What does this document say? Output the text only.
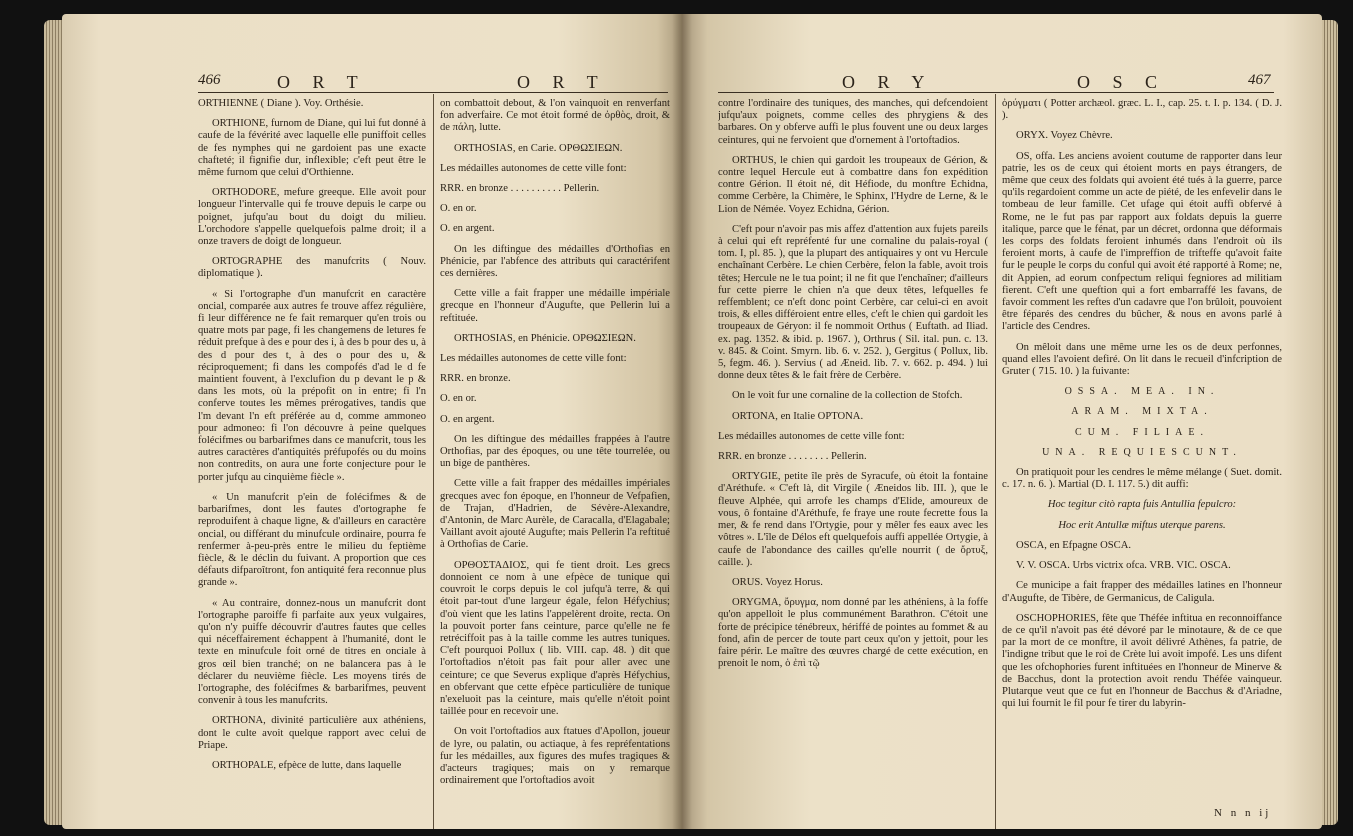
466	O R T	O R T

ORTHIENNE ( Diane ). Voy. Orthésie.

ORTHIONE, furnom de Diane, qui lui fut donné à caufe de la févérité avec laquelle elle puniffoit celles de fes nymphes qui ne gardoient pas une exacte chafteté; il fignifie dur, inflexible; c'eft peut être le même furnom que celui d'Orthienne.

ORTHODORE, mefure greeque. Elle avoit pour longueur l'intervalle qui fe trouve depuis le carpe ou poignet, jufqu'au bout du doigt du milieu. L'orchodore s'appelle quelquefois palme droit; il a onze travers de doigt de longueur.

ORTOGRAPHE des manufcrits ( Nouv. diplomatique ).

« Si l'ortographe d'un manufcrit en caractère oncial, comparée aux autres fe trouve affez régulière, fi leur différence ne fe fait remarquer qu'en trois ou quatre mots par page, fi les changemens de letures fe réduit prefque à des e pour des i, à des b pour des u, à des d pour des t, à des o pour des u, & réciproquement; fi dans les compofés d'ad le d fe maintient fouvent, à l'exclufion du p devant le p & dans les mots, où la prépofit on in entre; fi l'n conferve toutes les mêmes prérogatives, tandis que l'm devant l'n eft préférée au d, comme ammoneo pour admoneo: fi l'on découvre à peine quelques folécifmes ou barbarifmes dans ce manufcrit, tous les autres caractères d'antiquités préfupofés ou du moins non contredits, on aura une forte conjecture pour le porter jufqu au cinquième fiècle ».

« Un manufcrit p'ein de folécifmes & de barbarifmes, dont les fautes d'ortographe fe reproduifent à chaque ligne, & d'ailleurs en caractère oncial, ou différant du minufcule ordinaire, pourra fe renfermer à-peu-près entre le milieu du feptième fiècle, & le déclin du fuivant. A proportion que ces défauts difparoîtront, fon antiquité fera reconnue plus grande ».

« Au contraire, donnez-nous un manufcrit dont l'ortographe paroiffe fi parfaite aux yeux vulgaires, qu'on n'y puiffe découvrir d'autres fautes que celles qui néceffairement échappent à l'humanité, dont le texte en minufcule foit orné de titres en onciale à gros œil bien tranché; on ne balancera pas à le déclarer du neuvième fiècle. Les moyens tirés de l'ortographe, des folécifmes & barbarifmes, peuvent convenir à tous les manufcrits.

ORTHONA, divinité particulière aux athéniens, dont le culte avoit quelque rapport avec celui de Priape.

ORTHOPALE, efpèce de lutte, dans laquelle

on combattoit debout, & l'on vainquoit en renverfant fon adverfaire. Ce mot étoit formé de ὀρθὸς, droit, & de πάλη, lutte.

ORTHOSIAS, en Carie. ΟΡΘΩΣΙΕΩΝ.

Les médailles autonomes de cette ville font:

RRR. en bronze . . . . . . . . . . Pellerin.

O. en or.

O. en argent.

On les diftingue des médailles d'Orthofias en Phénicie, par l'abfence des attributs qui caractérifent ces dernières.

Cette ville a fait frapper une médaille impériale grecque en l'honneur d'Augufte, que Pellerin lui a reftituée.

ORTHOSIAS, en Phénicie. ΟΡΘΩΣΙΕΩΝ.

Les médailles autonomes de cette ville font:

RRR. en bronze.

O. en or.

O. en argent.

On les diftingue des médailles frappées à l'autre Orthofias, par des époques, ou une tête tourrelée, ou un bige de panthères.

Cette ville a fait frapper des médailles impériales grecques avec fon époque, en l'honneur de Vefpafien, de Trajan, d'Hadrien, de Sévère-Alexandre, d'Antonin, de Marc Aurèle, de Caracalla, d'Elagabale; Vaillant avoit ajouté Augufte; mais Pellerin l'a reftitué à Orthofias de Carie.

ΟΡΘΟΣΤΑΔΙΟΣ, qui fe tient droit. Les grecs donnoient ce nom à une efpèce de tunique qui couvroit le corps depuis le col jufqu'à terre, & qui étoit par-tout d'une largeur égale, felon Héfychius; d'où vient que les latins l'appelèrent droite, recta. On la pouvoit porter fans ceinture, parce qu'elle ne fe retréciffoit pas à la taille comme les autres tuniques. C'eft pourquoi Pollux ( lib. VIII. cap. 48. ) dit que l'ortoftadios n'étoit pas fait pour aller avec une ceinture; ce que Severus explique d'après Héfychius, en obfervant que cette efpèce particulière de tunique n'exeluoit pas la ceinture, mais qu'elle n'étoit point taillée pour en recevoir une.

On voit l'ortoftadios aux ftatues d'Apollon, joueur de lyre, ou palatin, ou actiaque, à fes repréfentations fur les médailles, aux figures des mufes tragiques & d'acteurs tragiques; mais on y remarque ordinairement que l'ortoftadios avoit

O R Y	O S C	467

contre l'ordinaire des tuniques, des manches, qui defcendoient jufqu'aux poignets, comme celles des phrygiens & des barbares. On y obferve auffi le plus fouvent une ou deux larges ceintures, qui ne fervoient que d'ornement à l'ortoftadios.

ORTHUS, le chien qui gardoit les troupeaux de Gérion, & contre lequel Hercule eut à combattre dans fon expédition contre Gérion. Il étoit né, dit Héfiode, du monftre Echidna, comme Cerbère, la Chimère, le Sphinx, l'Hydre de Lerne, & le Lion de Némée. Voyez Echidna, Gérion.

C'eft pour n'avoir pas mis affez d'attention aux fujets pareils à celui qui eft repréfenté fur une cornaline du palais-royal ( tom. I, pl. 85. ), que la plupart des antiquaires y ont vu Hercule enchaînant Cerbère. Le chien Cerbère, felon la fable, avoit trois têtes; Hercule ne le tua point; il ne fit que l'enchaîner; d'ailleurs fur cette pierre le chien n'a que deux têtes, lefquelles fe reffemblent; ce n'eft donc point Cerbère, car celui-ci en avoit trois, & elles différoient entre elles, c'eft le chien qui gardoit les troupeaux de Géryon: il fe nommoit Orthus ( Euftath. ad Iliad. ex. pag. 1352. & ibid. p. 1967. ), Orthrus ( Sil. ital. pun. c. 13. v. 845. & Coint. Smyrn. lib. 6. v. 252. ), Gergitus ( Pollux, lib. 5, fegm. 46. ). Servius ( ad Æneid. lib. 7. v. 662. p. 494. ) lui donne deux têtes & le fait frère de Cerbère.

On le voit fur une cornaline de la collection de Stofch.

ORTONA, en Italie OPTONA.

Les médailles autonomes de cette ville font:

RRR. en bronze . . . . . . . . Pellerin.

ORTYGIE, petite île près de Syracufe, où étoit la fontaine d'Aréthufe. « C'eft là, dit Virgile ( Æneidos lib. III. ), que le fleuve Alphée, qui arrofe les champs d'Elide, amoureux de vous, ô fontaine d'Aréthufe, fe fraye une route fecrette fous la mer, & fe rend dans l'Ortygie, pour y mêler fes eaux avec les vôtres ». L'île de Délos eft quelquefois auffi appellée Ortygie, à caufe de l'abondance des cailles qu'elle nourrit ( de ὄρτυξ, caille. ).

ORUS. Voyez Horus.

ORYGMA, ὄρυγμα, nom donné par les athéniens, à la foffe qu'on appelloit le plus communément Barathron. C'étoit une forte de précipice ténébreux, hériffé de pointes au fommet & au fond, afin de percer de toute part ceux qu'on y jettoit, pour les faire périr. Le maître des œuvres chargé de cette exécution, en prenoit le nom, ὁ ἐπὶ τῷ

ὀρύγματι ( Potter archæol. græc. L. I., cap. 25. t. I. p. 134. ( D. J. ).

ORYX. Voyez Chèvre.

OS, offa. Les anciens avoient coutume de rapporter dans leur patrie, les os de ceux qui étoient morts en pays étrangers, de même que ceux des foldats qui avoient été tués à la guerre, parce qu'ils regardoient comme un acte de piété, de les enfevelir dans le tombeau de leur famille. Cet ufage qui étoit auffi obfervé à Rome, ne le fut pas par rapport aux foldats depuis la guerre italique, parce que le fénat, par un décret, ordonna que déformais les corps des foldats feroient inhumés dans l'endroit où ils feroient morts, à caufe de l'impreffion de trifteffe qu'avoit faite fur le peuple le corps du conful qui avoit été rapporté à Rome; ne, dit Appien, ad eorum confpectum reliqui fegniores ad militiam fierent. C'eft une queftion qui a fort embarraffé les favans, de favoir comment les reftes d'un cadavre que l'on brûloit, pouvoient être féparés des cendres du bûcher, & nous en avons parlé à l'article des Cendres.

On mêloit dans une même urne les os de deux perfonnes, quand elles l'avoient defiré. On lit dans le recueil d'infcription de Gruter ( 715. 10. ) la fuivante:

OSSA. MEA. IN.

ARAM. MIXTA.

CUM. FILIAE.

UNA. REQUIESCUNT.

On pratiquoit pour les cendres le même mélange ( Suet. domit. c. 17. n. 6. ). Martial (D. I. 117. 5.) dit auffi:

Hoc tegitur citò rapta fuis Antullia fepulcro:

Hoc erit Antullæ miftus uterque parens.

OSCA, en Efpagne OSCA.

V. V. OSCA. Urbs victrix ofca. VRB. VIC. OSCA.

Ce municipe a fait frapper des médailles latines en l'honneur d'Augufte, de Tibère, de Germanicus, de Caligula.

OSCHOPHORIES, fête que Théfée inftitua en reconnoiffance de ce qu'il n'avoit pas été dévoré par le minotaure, & de ce que par la mort de ce monftre, il avoit délivré Athènes, fa patrie, de l'indigne tribut que le roi de Crète lui avoit impofé. Les uns difent que les ofchophories furent inftituées en l'honneur de Minerve & de Bacchus, dont la protection avoit rendu Théfée vainqueur. Plutarque veut que ce fut en l'honneur de Bacchus & d'Ariadne, qui lui fournit le fil pour fe tirer du labyrin-

N n n ij
